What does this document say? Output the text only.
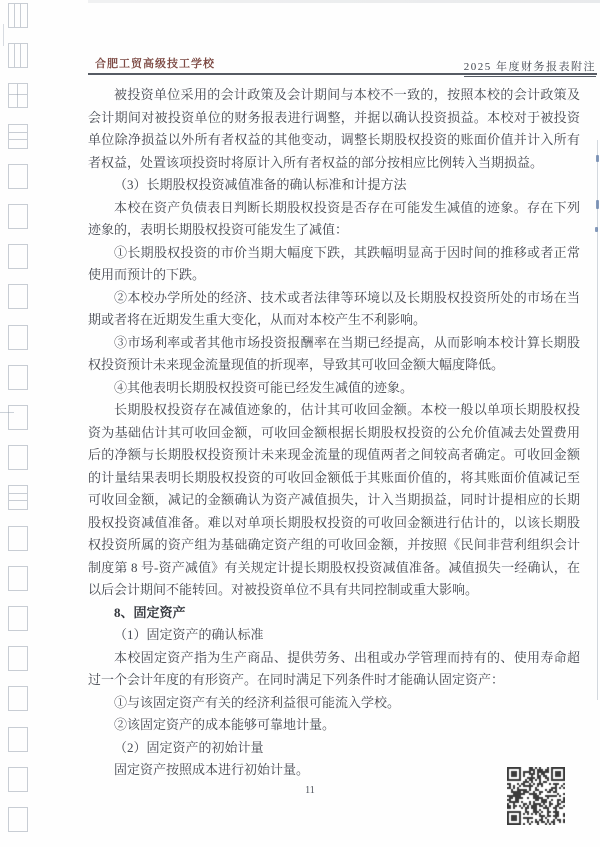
合肥工贸高级技工学校	2025 年度财务报表附注

被投资单位采用的会计政策及会计期间与本校不一致的，按照本校的会计政策及会计期间对被投资单位的财务报表进行调整，并据以确认投资损益。本校对于被投资单位除净损益以外所有者权益的其他变动，调整长期股权投资的账面价值并计入所有者权益，处置该项投资时将原计入所有者权益的部分按相应比例转入当期损益。

（3）长期股权投资减值准备的确认标准和计提方法

本校在资产负债表日判断长期股权投资是否存在可能发生减值的迹象。存在下列迹象的，表明长期股权投资可能发生了减值：

①长期股权投资的市价当期大幅度下跌，其跌幅明显高于因时间的推移或者正常使用而预计的下跌。

②本校办学所处的经济、技术或者法律等环境以及长期股权投资所处的市场在当期或者将在近期发生重大变化，从而对本校产生不利影响。

③市场利率或者其他市场投资报酬率在当期已经提高，从而影响本校计算长期股权投资预计未来现金流量现值的折现率，导致其可收回金额大幅度降低。

④其他表明长期股权投资可能已经发生减值的迹象。

长期股权投资存在减值迹象的，估计其可收回金额。本校一般以单项长期股权投资为基础估计其可收回金额，可收回金额根据长期股权投资的公允价值减去处置费用后的净额与长期股权投资预计未来现金流量的现值两者之间较高者确定。可收回金额的计量结果表明长期股权投资的可收回金额低于其账面价值的，将其账面价值减记至可收回金额，减记的金额确认为资产减值损失，计入当期损益，同时计提相应的长期股权投资减值准备。难以对单项长期股权投资的可收回金额进行估计的，以该长期股权投资所属的资产组为基础确定资产组的可收回金额，并按照《民间非营利组织会计制度第 8 号-资产减值》有关规定计提长期股权投资减值准备。减值损失一经确认，在以后会计期间不能转回。对被投资单位不具有共同控制或重大影响。

8、固定资产

（1）固定资产的确认标准

本校固定资产指为生产商品、提供劳务、出租或办学管理而持有的、使用寿命超过一个会计年度的有形资产。在同时满足下列条件时才能确认固定资产：

①与该固定资产有关的经济利益很可能流入学校。

②该固定资产的成本能够可靠地计量。

（2）固定资产的初始计量

固定资产按照成本进行初始计量。

11
